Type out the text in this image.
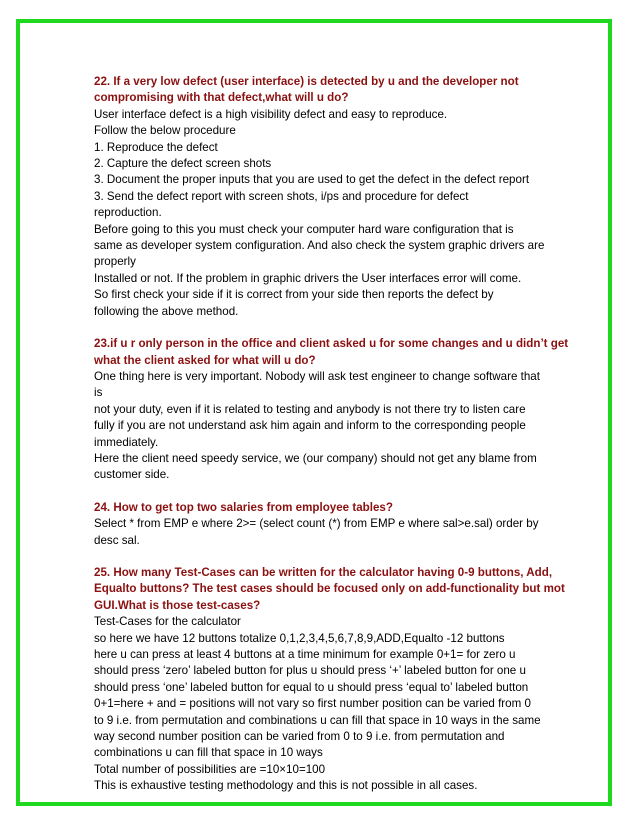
22. If a very low defect (user interface) is detected by u and the developer not
compromising with that defect,what will u do?
User interface defect is a high visibility defect and easy to reproduce.
Follow the below procedure
1. Reproduce the defect
2. Capture the defect screen shots
3. Document the proper inputs that you are used to get the defect in the defect report
3. Send the defect report with screen shots, i/ps and procedure for defect
reproduction.
Before going to this you must check your computer hard ware configuration that is
same as developer system configuration. And also check the system graphic drivers are
properly
Installed or not. If the problem in graphic drivers the User interfaces error will come.
So first check your side if it is correct from your side then reports the defect by
following the above method.
23.if u r only person in the office and client asked u for some changes and u didn’t get
what the client asked for what will u do?
One thing here is very important. Nobody will ask test engineer to change software that
is
not your duty, even if it is related to testing and anybody is not there try to listen care
fully if you are not understand ask him again and inform to the corresponding people
immediately.
Here the client need speedy service, we (our company) should not get any blame from
customer side.
24. How to get top two salaries from employee tables?
Select * from EMP e where 2>= (select count (*) from EMP e where sal>e.sal) order by
desc sal.
25. How many Test-Cases can be written for the calculator having 0-9 buttons, Add,
Equalto buttons? The test cases should be focused only on add-functionality but mot
GUI.What is those test-cases?
Test-Cases for the calculator
so here we have 12 buttons totalize 0,1,2,3,4,5,6,7,8,9,ADD,Equalto -12 buttons
here u can press at least 4 buttons at a time minimum for example 0+1= for zero u
should press ‘zero’ labeled button for plus u should press ‘+’ labeled button for one u
should press ‘one’ labeled button for equal to u should press ‘equal to’ labeled button
0+1=here + and = positions will not vary so first number position can be varied from 0
to 9 i.e. from permutation and combinations u can fill that space in 10 ways in the same
way second number position can be varied from 0 to 9 i.e. from permutation and
combinations u can fill that space in 10 ways
Total number of possibilities are =10×10=100
This is exhaustive testing methodology and this is not possible in all cases.
